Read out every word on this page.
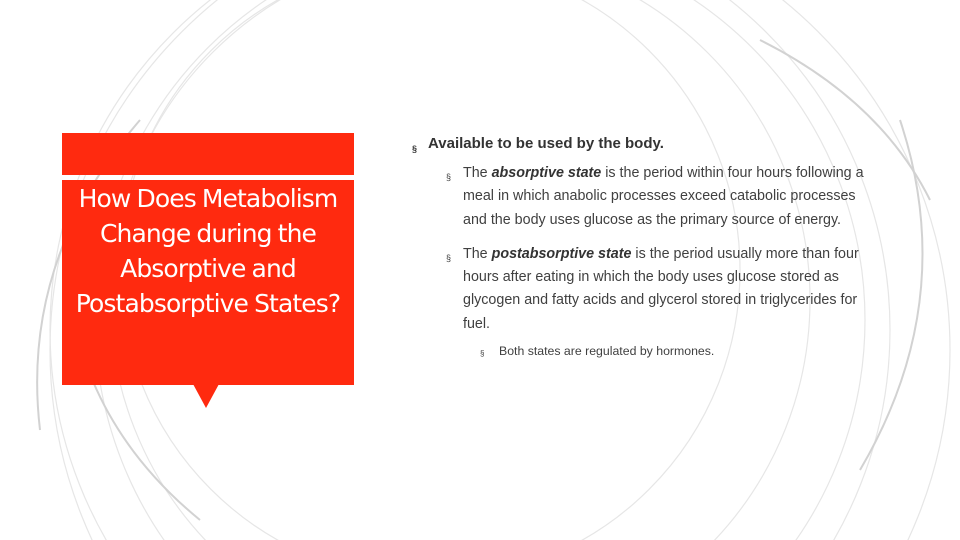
How Does Metabolism Change during the Absorptive and Postabsorptive States?
§ Available to be used by the body.
§ The absorptive state is the period within four hours following a meal in which anabolic processes exceed catabolic processes and the body uses glucose as the primary source of energy.
§ The postabsorptive state is the period usually more than four hours after eating in which the body uses glucose stored as glycogen and fatty acids and glycerol stored in triglycerides for fuel.
§ Both states are regulated by hormones.
